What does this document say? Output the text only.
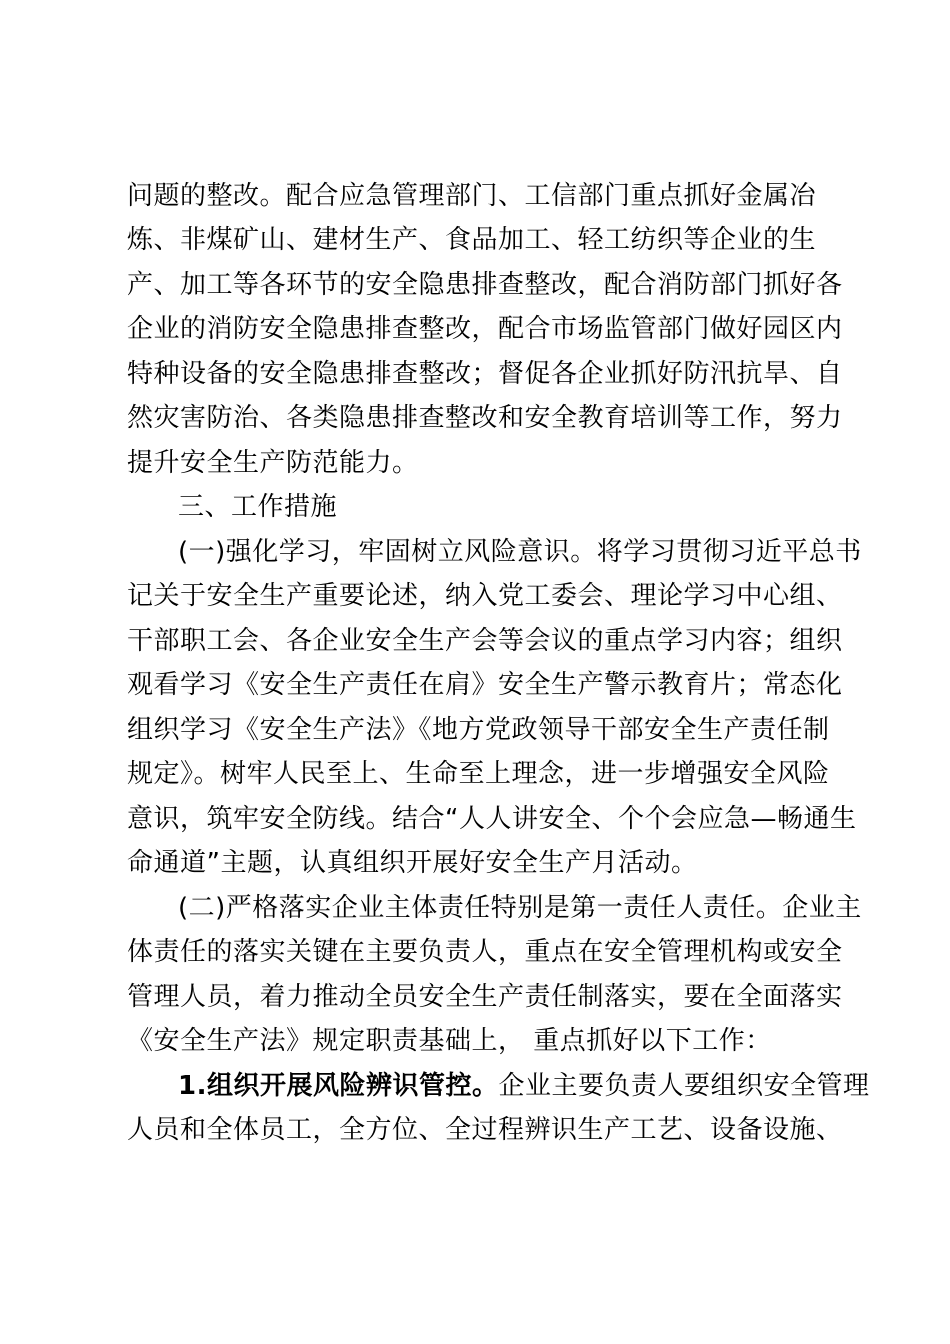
问题的整改。配合应急管理部门、工信部门重点抓好金属冶
炼、非煤矿山、建材生产、食品加工、轻工纺织等企业的生
产、加工等各环节的安全隐患排查整改，配合消防部门抓好各
企业的消防安全隐患排查整改，配合市场监管部门做好园区内
特种设备的安全隐患排查整改；督促各企业抓好防汛抗旱、自
然灾害防治、各类隐患排查整改和安全教育培训等工作，努力
提升安全生产防范能力。
三、工作措施
(一)强化学习，牢固树立风险意识。将学习贯彻习近平总书
记关于安全生产重要论述，纳入党工委会、理论学习中心组、
干部职工会、各企业安全生产会等会议的重点学习内容；组织
观看学习《安全生产责任在肩》安全生产警示教育片；常态化
组织学习《安全生产法》《地方党政领导干部安全生产责任制
规定》。树牢人民至上、生命至上理念，进一步增强安全风险
意识，筑牢安全防线。结合“人人讲安全、个个会应急—畅通生
命通道”主题，认真组织开展好安全生产月活动。
(二)严格落实企业主体责任特别是第一责任人责任。企业主
体责任的落实关键在主要负责人，重点在安全管理机构或安全
管理人员，着力推动全员安全生产责任制落实，要在全面落实
《安全生产法》规定职责基础上， 重点抓好以下工作：
1.组织开展风险辨识管控。企业主要负责人要组织安全管理
人员和全体员工，全方位、全过程辨识生产工艺、设备设施、
